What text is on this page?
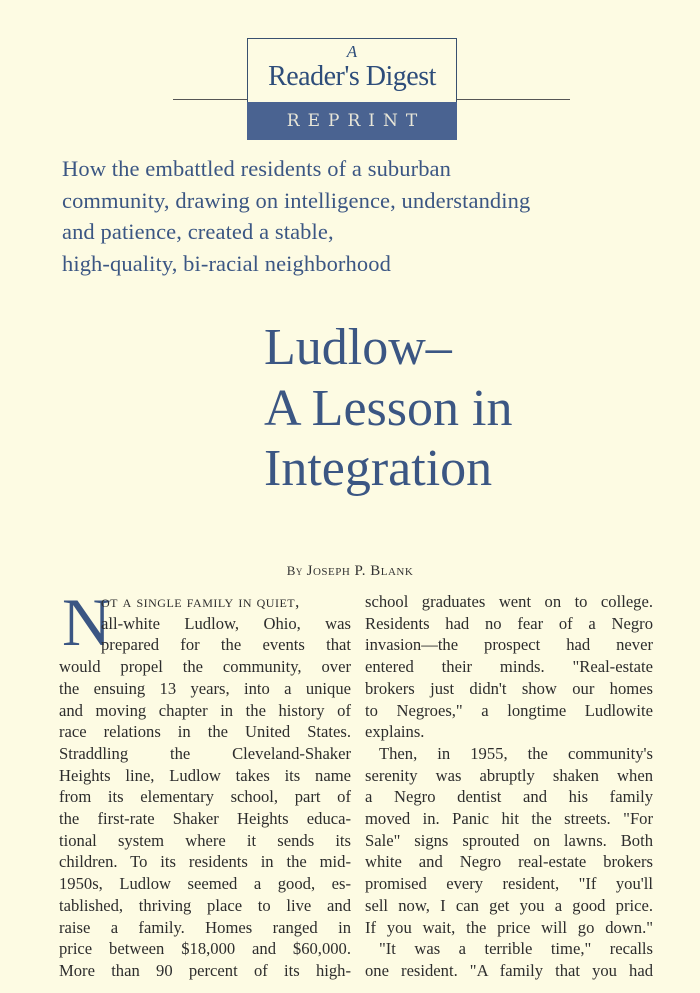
A
Reader's Digest
REPRINT
How the embattled residents of a suburban
community, drawing on intelligence, understanding
and patience, created a stable,
high-quality, bi-racial neighborhood
Ludlow–
A Lesson in
Integration
By Joseph P. Blank
N
ot a single family in quiet,
all-white Ludlow, Ohio, was
prepared for the events that
would propel the community, over
the ensuing 13 years, into a unique
and moving chapter in the history of
race relations in the United States.
Straddling the Cleveland-Shaker
Heights line, Ludlow takes its name
from its elementary school, part of
the first-rate Shaker Heights educa-
tional system where it sends its
children. To its residents in the mid-
1950s, Ludlow seemed a good, es-
tablished, thriving place to live and
raise a family. Homes ranged in
price between $18,000 and $60,000.
More than 90 percent of its high-
school graduates went on to college.
Residents had no fear of a Negro
invasion—the prospect had never
entered their minds. "Real-estate
brokers just didn't show our homes
to Negroes," a longtime Ludlowite
explains.
Then, in 1955, the community's
serenity was abruptly shaken when
a Negro dentist and his family
moved in. Panic hit the streets. "For
Sale" signs sprouted on lawns. Both
white and Negro real-estate brokers
promised every resident, "If you'll
sell now, I can get you a good price.
If you wait, the price will go down."
"It was a terrible time," recalls
one resident. "A family that you had
